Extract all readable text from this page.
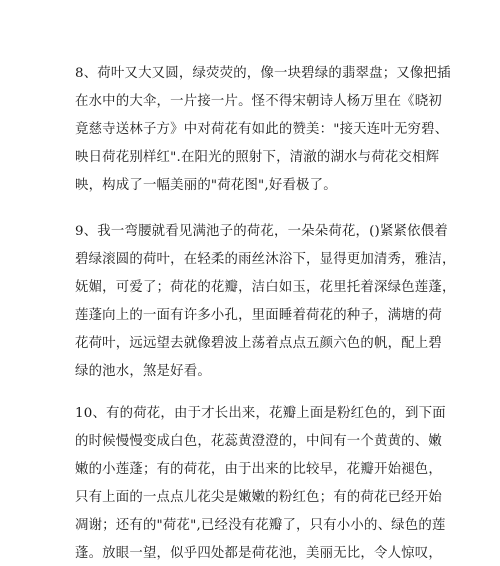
8、荷叶又大又圆，绿荧荧的，像一块碧绿的翡翠盘；又像把插
在水中的大伞，一片接一片。怪不得宋朝诗人杨万里在《晓初
竟慈寺送林子方》中对荷花有如此的赞美："接天连叶无穷碧、
映日荷花别样红".在阳光的照射下，清澈的湖水与荷花交相辉
映，构成了一幅美丽的"荷花图",好看极了。
9、我一弯腰就看见满池子的荷花，一朵朵荷花，()紧紧依偎着
碧绿滚圆的荷叶，在轻柔的雨丝沐浴下，显得更加清秀，雅洁，
妩媚，可爱了；荷花的花瓣，洁白如玉，花里托着深绿色莲蓬，
莲蓬向上的一面有许多小孔，里面睡着荷花的种子，满塘的荷
花荷叶，远远望去就像碧波上荡着点点五颜六色的帆，配上碧
绿的池水，煞是好看。
10、有的荷花，由于才长出来，花瓣上面是粉红色的，到下面
的时候慢慢变成白色，花蕊黄澄澄的，中间有一个黄黄的、嫩
嫩的小莲蓬；有的荷花，由于出来的比较早，花瓣开始褪色，
只有上面的一点点儿花尖是嫩嫩的粉红色；有的荷花已经开始
凋谢；还有的"荷花",已经没有花瓣了，只有小小的、绿色的莲
蓬。放眼一望，似乎四处都是荷花池，美丽无比，令人惊叹，
